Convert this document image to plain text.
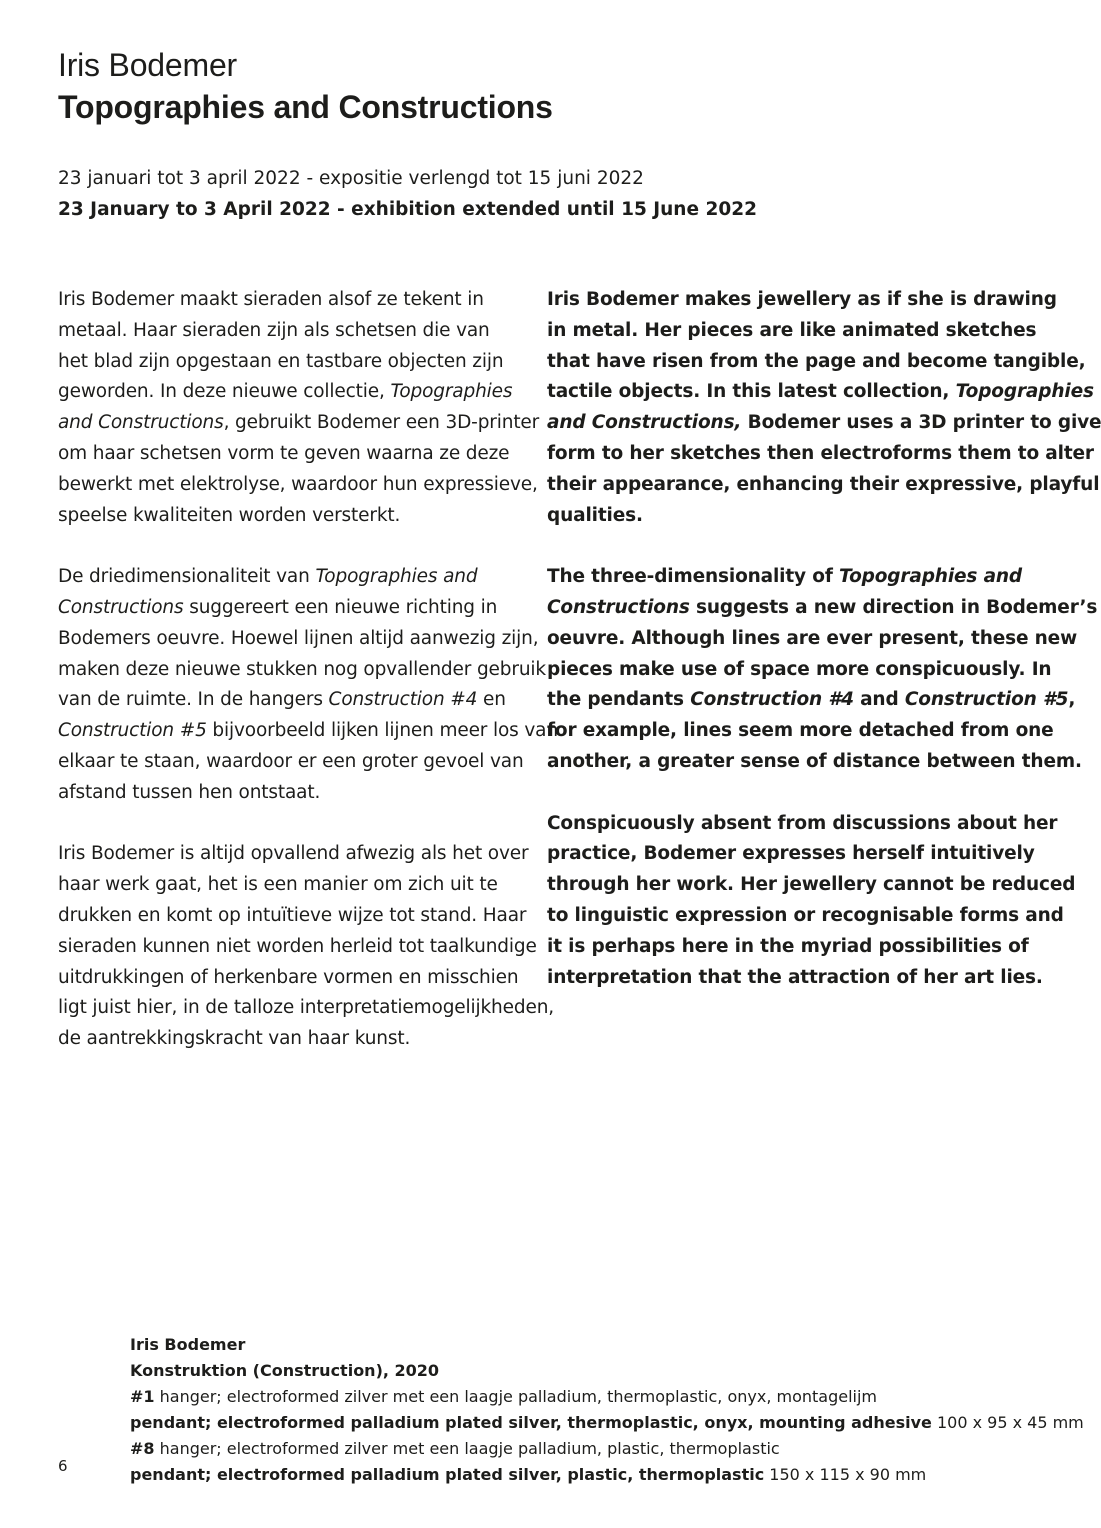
Iris Bodemer
Topographies and Constructions
23 januari tot 3 april 2022 - expositie verlengd tot 15 juni 2022
23 January to 3 April 2022 - exhibition extended until 15 June 2022

Iris Bodemer maakt sieraden alsof ze tekent in
metaal. Haar sieraden zijn als schetsen die van
het blad zijn opgestaan en tastbare objecten zijn
geworden. In deze nieuwe collectie, Topographies
and Constructions, gebruikt Bodemer een 3D-printer
om haar schetsen vorm te geven waarna ze deze
bewerkt met elektrolyse, waardoor hun expressieve,
speelse kwaliteiten worden versterkt.

De driedimensionaliteit van Topographies and
Constructions suggereert een nieuwe richting in
Bodemers oeuvre. Hoewel lijnen altijd aanwezig zijn,
maken deze nieuwe stukken nog opvallender gebruik
van de ruimte. In de hangers Construction #4 en
Construction #5 bijvoorbeeld lijken lijnen meer los van
elkaar te staan, waardoor er een groter gevoel van
afstand tussen hen ontstaat.

Iris Bodemer is altijd opvallend afwezig als het over
haar werk gaat, het is een manier om zich uit te
drukken en komt op intuïtieve wijze tot stand. Haar
sieraden kunnen niet worden herleid tot taalkundige
uitdrukkingen of herkenbare vormen en misschien
ligt juist hier, in de talloze interpretatiemogelijkheden,
de aantrekkingskracht van haar kunst.

Iris Bodemer makes jewellery as if she is drawing
in metal. Her pieces are like animated sketches
that have risen from the page and become tangible,
tactile objects. In this latest collection, Topographies
and Constructions, Bodemer uses a 3D printer to give
form to her sketches then electroforms them to alter
their appearance, enhancing their expressive, playful
qualities.

The three-dimensionality of Topographies and
Constructions suggests a new direction in Bodemer’s
oeuvre. Although lines are ever present, these new
pieces make use of space more conspicuously. In
the pendants Construction #4 and Construction #5,
for example, lines seem more detached from one
another, a greater sense of distance between them.

Conspicuously absent from discussions about her
practice, Bodemer expresses herself intuitively
through her work. Her jewellery cannot be reduced
to linguistic expression or recognisable forms and
it is perhaps here in the myriad possibilities of
interpretation that the attraction of her art lies.

Iris Bodemer
Konstruktion (Construction), 2020
#1 hanger; electroformed zilver met een laagje palladium, thermoplastic, onyx, montagelijm
pendant; electroformed palladium plated silver, thermoplastic, onyx, mounting adhesive 100 x 95 x 45 mm
#8 hanger; electroformed zilver met een laagje palladium, plastic, thermoplastic
pendant; electroformed palladium plated silver, plastic, thermoplastic 150 x 115 x 90 mm
6
